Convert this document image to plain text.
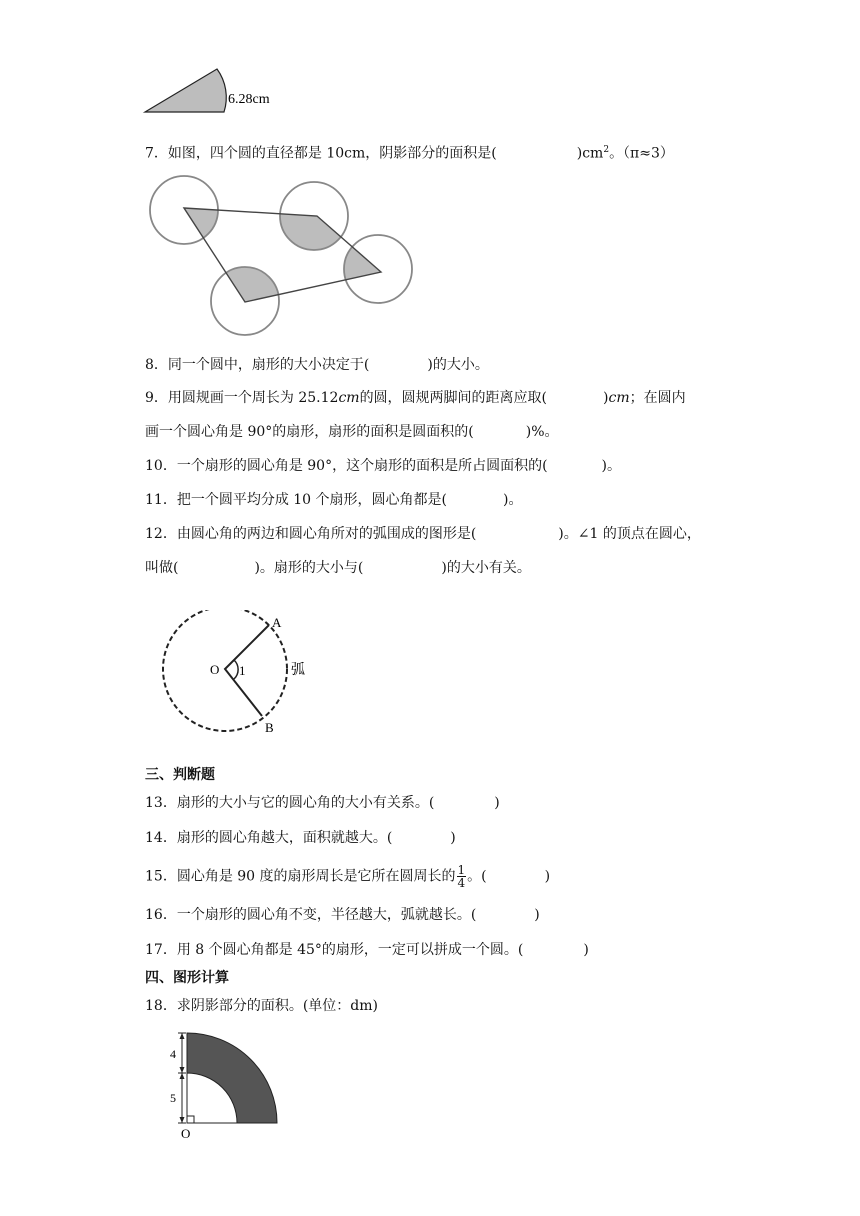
6.28cm
7．如图，四个圆的直径都是 10cm，阴影部分的面积是(	)$cm^2$。（π≈3）
8．同一个圆中，扇形的大小决定于(	)的大小。
9．用圆规画一个周长为 25.12cm的圆，圆规两脚间的距离应取(	)cm；在圆内
画一个圆心角是 90°的扇形，扇形的面积是圆面积的(	)%。
10．一个扇形的圆心角是 90°，这个扇形的面积是所占圆面积的(	)。
11．把一个圆平均分成 10 个扇形，圆心角都是(	)。
12．由圆心角的两边和圆心角所对的弧围成的图形是(	)。∠1 的顶点在圆心，
叫做(	)。扇形的大小与(	)的大小有关。
A
B
O 1	弧
三、判断题
13．扇形的大小与它的圆心角的大小有关系。(	)
14．扇形的圆心角越大，面积就越大。(	)
15．圆心角是 90 度的扇形周长是它所在圆周长的 $\frac{1}{4}$ 。(	)
16．一个扇形的圆心角不变，半径越大，弧就越长。(	)
17．用 8 个圆心角都是 45°的扇形，一定可以拼成一个圆。(	)
四、图形计算
18．求阴影部分的面积。(单位：dm)
4
5
O
